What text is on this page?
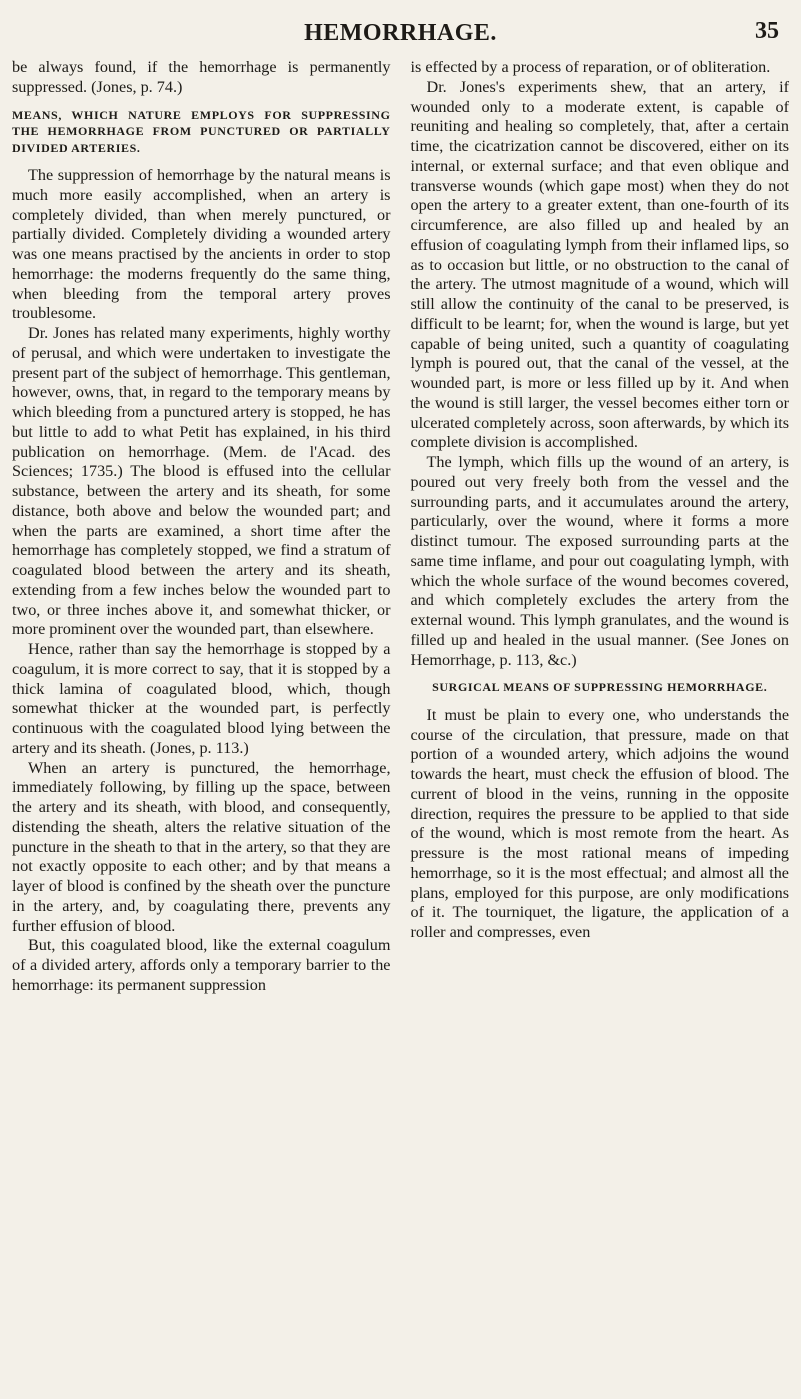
HEMORRHAGE.	35

be always found, if the hemorrhage is permanently suppressed. (Jones, p. 74.)

MEANS, WHICH NATURE EMPLOYS FOR SUPPRESSING THE HEMORRHAGE FROM PUNCTURED OR PARTIALLY DIVIDED ARTERIES.

The suppression of hemorrhage by the natural means is much more easily accomplished, when an artery is completely divided, than when merely punctured, or partially divided. Completely dividing a wounded artery was one means practised by the ancients in order to stop hemorrhage: the moderns frequently do the same thing, when bleeding from the temporal artery proves troublesome.

Dr. Jones has related many experiments, highly worthy of perusal, and which were undertaken to investigate the present part of the subject of hemorrhage. This gentleman, however, owns, that, in regard to the temporary means by which bleeding from a punctured artery is stopped, he has but little to add to what Petit has explained, in his third publication on hemorrhage. (Mem. de l'Acad. des Sciences; 1735.) The blood is effused into the cellular substance, between the artery and its sheath, for some distance, both above and below the wounded part; and when the parts are examined, a short time after the hemorrhage has completely stopped, we find a stratum of coagulated blood between the artery and its sheath, extending from a few inches below the wounded part to two, or three inches above it, and somewhat thicker, or more prominent over the wounded part, than elsewhere.

Hence, rather than say the hemorrhage is stopped by a coagulum, it is more correct to say, that it is stopped by a thick lamina of coagulated blood, which, though somewhat thicker at the wounded part, is perfectly continuous with the coagulated blood lying between the artery and its sheath. (Jones, p. 113.)

When an artery is punctured, the hemorrhage, immediately following, by filling up the space, between the artery and its sheath, with blood, and consequently, distending the sheath, alters the relative situation of the puncture in the sheath to that in the artery, so that they are not exactly opposite to each other; and by that means a layer of blood is confined by the sheath over the puncture in the artery, and, by coagulating there, prevents any further effusion of blood.

But, this coagulated blood, like the external coagulum of a divided artery, affords only a temporary barrier to the hemorrhage: its permanent suppression

is effected by a process of reparation, or of obliteration.

Dr. Jones's experiments shew, that an artery, if wounded only to a moderate extent, is capable of reuniting and healing so completely, that, after a certain time, the cicatrization cannot be discovered, either on its internal, or external surface; and that even oblique and transverse wounds (which gape most) when they do not open the artery to a greater extent, than one-fourth of its circumference, are also filled up and healed by an effusion of coagulating lymph from their inflamed lips, so as to occasion but little, or no obstruction to the canal of the artery. The utmost magnitude of a wound, which will still allow the continuity of the canal to be preserved, is difficult to be learnt; for, when the wound is large, but yet capable of being united, such a quantity of coagulating lymph is poured out, that the canal of the vessel, at the wounded part, is more or less filled up by it. And when the wound is still larger, the vessel becomes either torn or ulcerated completely across, soon afterwards, by which its complete division is accomplished.

The lymph, which fills up the wound of an artery, is poured out very freely both from the vessel and the surrounding parts, and it accumulates around the artery, particularly, over the wound, where it forms a more distinct tumour. The exposed surrounding parts at the same time inflame, and pour out coagulating lymph, with which the whole surface of the wound becomes covered, and which completely excludes the artery from the external wound. This lymph granulates, and the wound is filled up and healed in the usual manner. (See Jones on Hemorrhage, p. 113, &c.)

SURGICAL MEANS OF SUPPRESSING HEMORRHAGE.

It must be plain to every one, who understands the course of the circulation, that pressure, made on that portion of a wounded artery, which adjoins the wound towards the heart, must check the effusion of blood. The current of blood in the veins, running in the opposite direction, requires the pressure to be applied to that side of the wound, which is most remote from the heart. As pressure is the most rational means of impeding hemorrhage, so it is the most effectual; and almost all the plans, employed for this purpose, are only modifications of it. The tourniquet, the ligature, the application of a roller and compresses, even
